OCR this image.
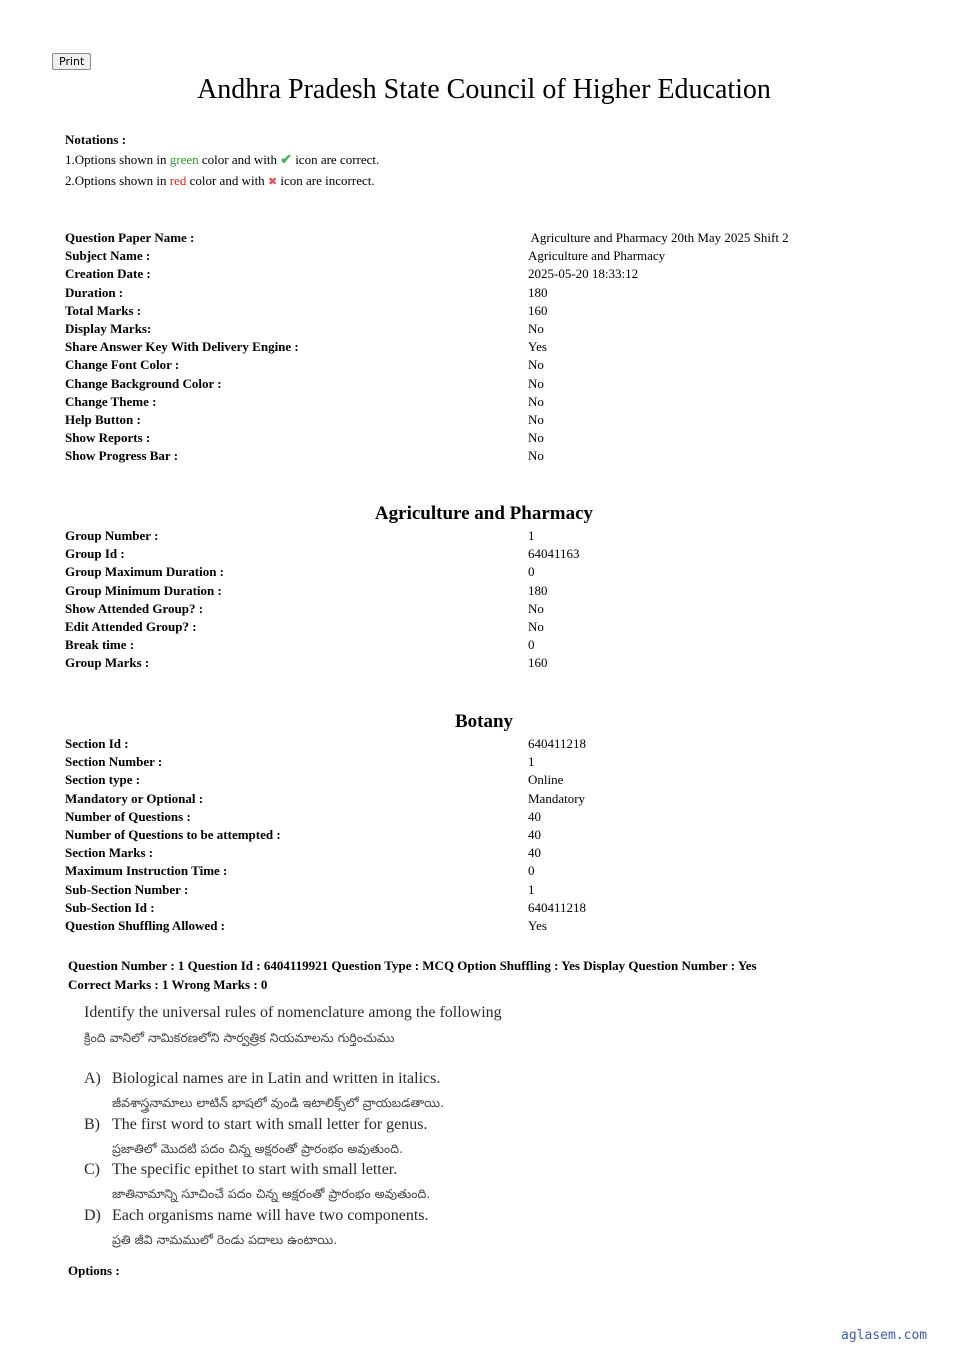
Print
Andhra Pradesh State Council of Higher Education
Notations :
1.Options shown in green color and with ✔ icon are correct.
2.Options shown in red color and with ✖ icon are incorrect.
Question Paper Name :	Agriculture and Pharmacy 20th May 2025 Shift 2
Subject Name :	Agriculture and Pharmacy
Creation Date :	2025-05-20 18:33:12
Duration :	180
Total Marks :	160
Display Marks:	No
Share Answer Key With Delivery Engine :	Yes
Change Font Color :	No
Change Background Color :	No
Change Theme :	No
Help Button :	No
Show Reports :	No
Show Progress Bar :	No
Agriculture and Pharmacy
Group Number :	1
Group Id :	64041163
Group Maximum Duration :	0
Group Minimum Duration :	180
Show Attended Group? :	No
Edit Attended Group? :	No
Break time :	0
Group Marks :	160
Botany
Section Id :	640411218
Section Number :	1
Section type :	Online
Mandatory or Optional :	Mandatory
Number of Questions :	40
Number of Questions to be attempted :	40
Section Marks :	40
Maximum Instruction Time :	0
Sub-Section Number :	1
Sub-Section Id :	640411218
Question Shuffling Allowed :	Yes
Question Number : 1 Question Id : 6404119921 Question Type : MCQ Option Shuffling : Yes Display Question Number : Yes
Correct Marks : 1 Wrong Marks : 0
Identify the universal rules of nomenclature among the following
క్రింది వానిలో నామికరణలోని సార్వత్రిక నియమాలను గుర్తించుము
A) Biological names are in Latin and written in italics.
జీవశాస్త్రనామాలు లాటిన్ భాషలో వుండి ఇటాలిక్స్‌లో వ్రాయబడతాయి.
B) The first word to start with small letter for genus.
ప్రజాతిలో మొదటి పదం చిన్న అక్షరంతో ప్రారంభం అవుతుంది.
C) The specific epithet to start with small letter.
జాతినామాన్ని సూచించే పదం చిన్న అక్షరంతో ప్రారంభం అవుతుంది.
D) Each organisms name will have two components.
ప్రతి జీవి నామములో రెండు పదాలు ఉంటాయి.
Options :
aglasem.com
